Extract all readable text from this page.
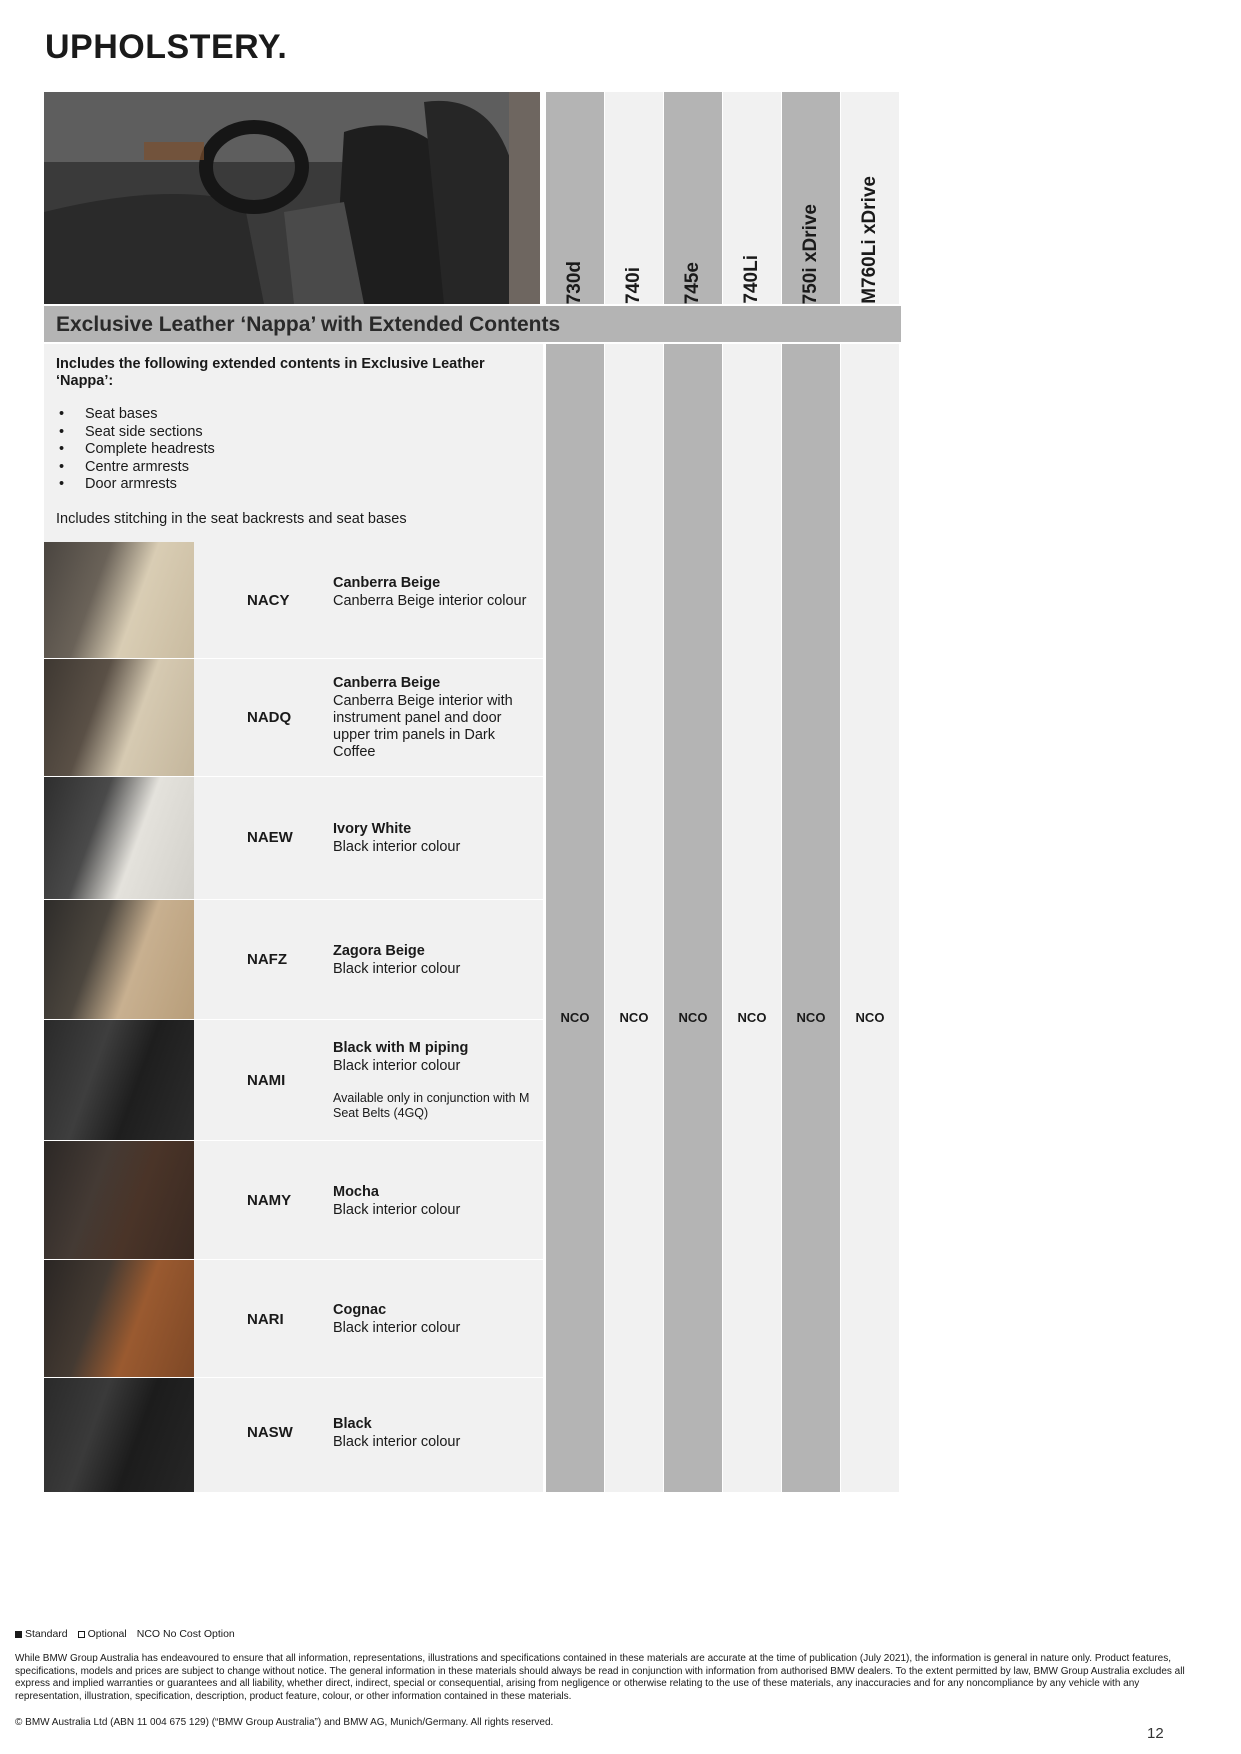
UPHOLSTERY.
730d 740i 745e 740Li 750i xDrive M760Li xDrive
Exclusive Leather ‘Nappa’ with Extended Contents
Includes the following extended contents in Exclusive Leather ‘Nappa’:
• Seat bases
• Seat side sections
• Complete headrests
• Centre armrests
• Door armrests
Includes stitching in the seat backrests and seat bases
NCO	NCO	NCO	NCO	NCO	NCO
NACY
Canberra Beige
Canberra Beige interior colour
NADQ
Canberra Beige
Canberra Beige interior with instrument panel and door upper trim panels in Dark Coffee
NAEW	Ivory White
Black interior colour
NAFZ	Zagora Beige
Black interior colour
NAMI
Black with M piping
Black interior colour
Available only in conjunction with M Seat Belts (4GQ)
NAMY	Mocha
Black interior colour
NARI
Cognac
Black interior colour
NASW	Black
Black interior colour
Standard	Optional NCO No Cost Option
While BMW Group Australia has endeavoured to ensure that all information, representations, illustrations and specifications contained in these materials are accurate at the time of publication (July 2021), the information is general in nature only. Product features, specifications, models and prices are subject to change without notice. The general information in these materials should always be read in conjunction with information from authorised BMW dealers. To the extent permitted by law, BMW Group Australia excludes all express and implied warranties or guarantees and all liability, whether direct, indirect, special or consequential, arising from negligence or otherwise relating to the use of these materials, any inaccuracies and for any noncompliance by any vehicle with any representation, illustration, specification, description, product feature, colour, or other information contained in these materials.
© BMW Australia Ltd (ABN 11 004 675 129) (“BMW Group Australia”) and BMW AG, Munich/Germany. All rights reserved.
12
